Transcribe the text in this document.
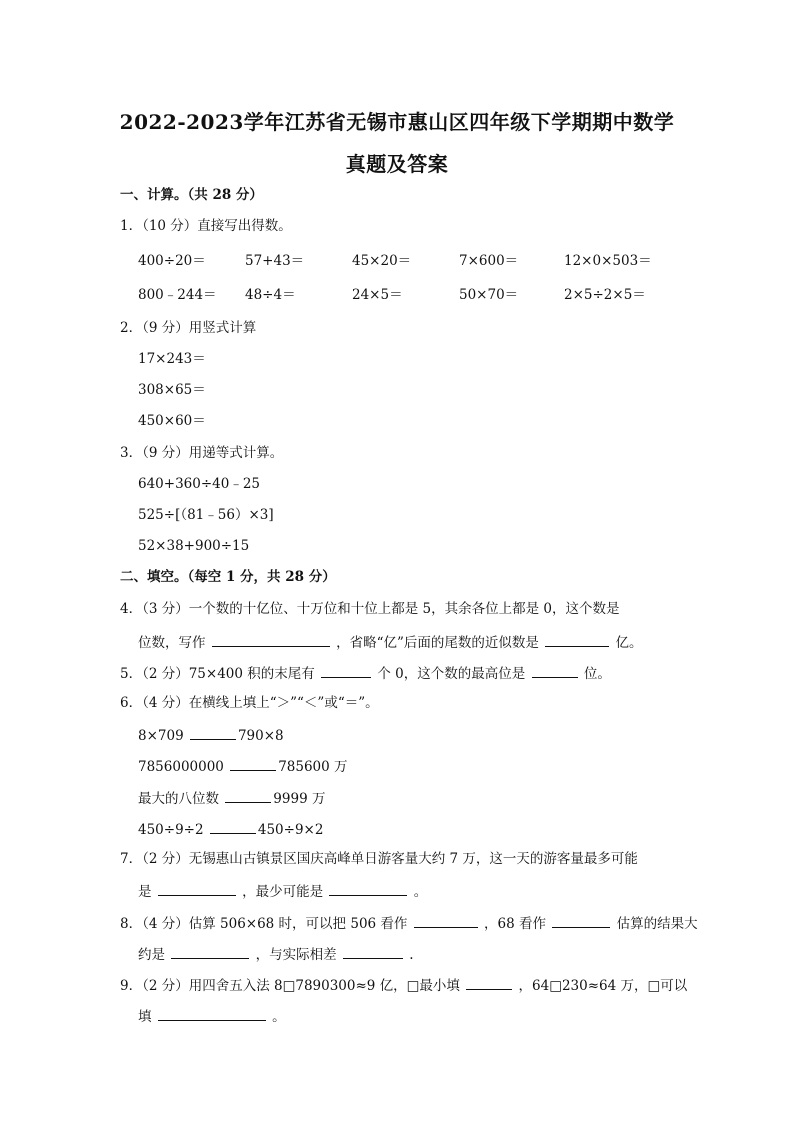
2022-2023学年江苏省无锡市惠山区四年级下学期期中数学
真题及答案
一、计算。（共 28 分）
1．（10 分）直接写出得数。
400÷20＝	57+43＝	45×20＝	7×600＝	12×0×503＝
800﹣244＝ 48÷4＝	24×5＝	50×70＝	2×5÷2×5＝
2．（9 分）用竖式计算
17×243＝
308×65＝
450×60＝
3．（9 分）用递等式计算。
640+360÷40﹣25
525÷[（81﹣56）×3]
52×38+900÷15
二、填空。（每空 1 分，共 28 分）
4．（3 分）一个数的十亿位、十万位和十位上都是 5，其余各位上都是 0，这个数是
位数，写作	，省略“亿”后面的尾数的近似数是	亿。
5．（2 分）75×400 积的末尾有	个 0，这个数的最高位是	位。
6．（4 分）在横线上填上“＞”“＜”或“＝”。
8×709	790×8
7856000000	785600 万
最大的八位数	9999 万
450÷9÷2	450÷9×2
7．（2 分）无锡惠山古镇景区国庆高峰单日游客量大约 7 万，这一天的游客量最多可能
是	，最少可能是	。
8．（4 分）估算 506×68 时，可以把 506 看作	，68 看作	估算的结果大
约是	，与实际相差	.
9．（2 分）用四舍五入法 8□7890300≈9 亿，□最小填	，64□230≈64 万，□可以
填	。
